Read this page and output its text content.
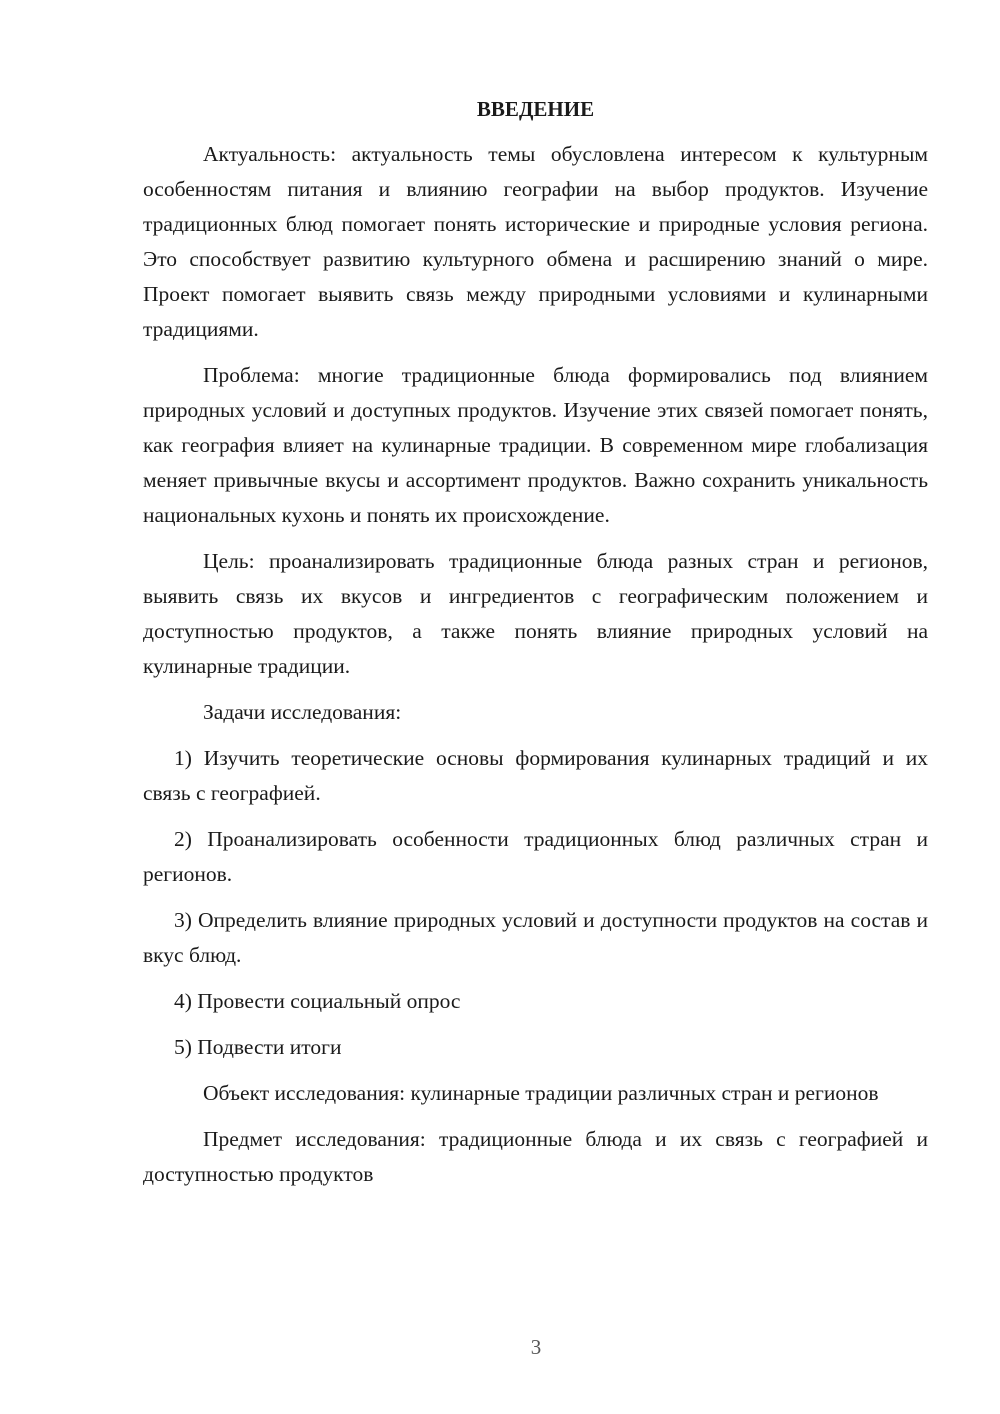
ВВЕДЕНИЕ

Актуальность: актуальность темы обусловлена интересом к культурным особенностям питания и влиянию географии на выбор продуктов. Изучение традиционных блюд помогает понять исторические и природные условия региона. Это способствует развитию культурного обмена и расширению знаний о мире. Проект помогает выявить связь между природными условиями и кулинарными традициями.

Проблема: многие традиционные блюда формировались под влиянием природных условий и доступных продуктов. Изучение этих связей помогает понять, как география влияет на кулинарные традиции. В современном мире глобализация меняет привычные вкусы и ассортимент продуктов. Важно сохранить уникальность национальных кухонь и понять их происхождение.

Цель: проанализировать традиционные блюда разных стран и регионов, выявить связь их вкусов и ингредиентов с географическим положением и доступностью продуктов, а также понять влияние природных условий на кулинарные традиции.

Задачи исследования:

1) Изучить теоретические основы формирования кулинарных традиций и их связь с географией.

2) Проанализировать особенности традиционных блюд различных стран и регионов.

3) Определить влияние природных условий и доступности продуктов на состав и вкус блюд.

4) Провести социальный опрос

5) Подвести итоги

Объект исследования: кулинарные традиции различных стран и регионов

Предмет исследования: традиционные блюда и их связь с географией и доступностью продуктов

3
